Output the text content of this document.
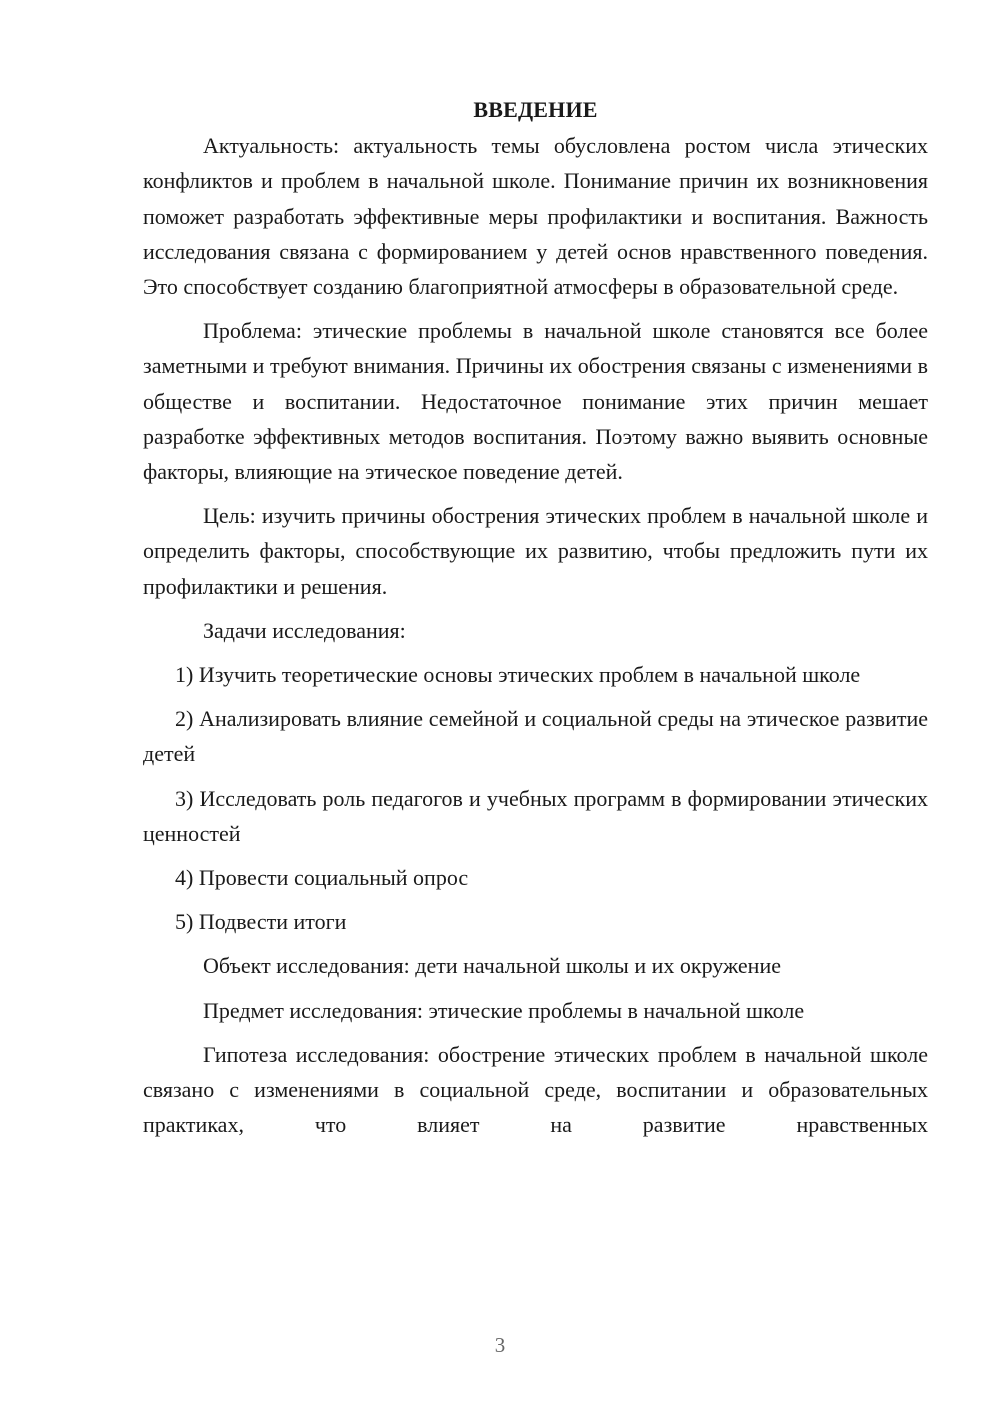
ВВЕДЕНИЕ

Актуальность: актуальность темы обусловлена ростом числа этических конфликтов и проблем в начальной школе. Понимание причин их возникновения поможет разработать эффективные меры профилактики и воспитания. Важность исследования связана с формированием у детей основ нравственного поведения. Это способствует созданию благоприятной атмосферы в образовательной среде.

Проблема: этические проблемы в начальной школе становятся все более заметными и требуют внимания. Причины их обострения связаны с изменениями в обществе и воспитании. Недостаточное понимание этих причин мешает разработке эффективных методов воспитания. Поэтому важно выявить основные факторы, влияющие на этическое поведение детей.

Цель: изучить причины обострения этических проблем в начальной школе и определить факторы, способствующие их развитию, чтобы предложить пути их профилактики и решения.

Задачи исследования:

1) Изучить теоретические основы этических проблем в начальной школе

2) Анализировать влияние семейной и социальной среды на этическое развитие детей

3) Исследовать роль педагогов и учебных программ в формировании этических ценностей

4) Провести социальный опрос

5) Подвести итоги

Объект исследования: дети начальной школы и их окружение

Предмет исследования: этические проблемы в начальной школе

Гипотеза исследования: обострение этических проблем в начальной школе связано с изменениями в социальной среде, воспитании и образовательных практиках, что влияет на развитие нравственных

3
